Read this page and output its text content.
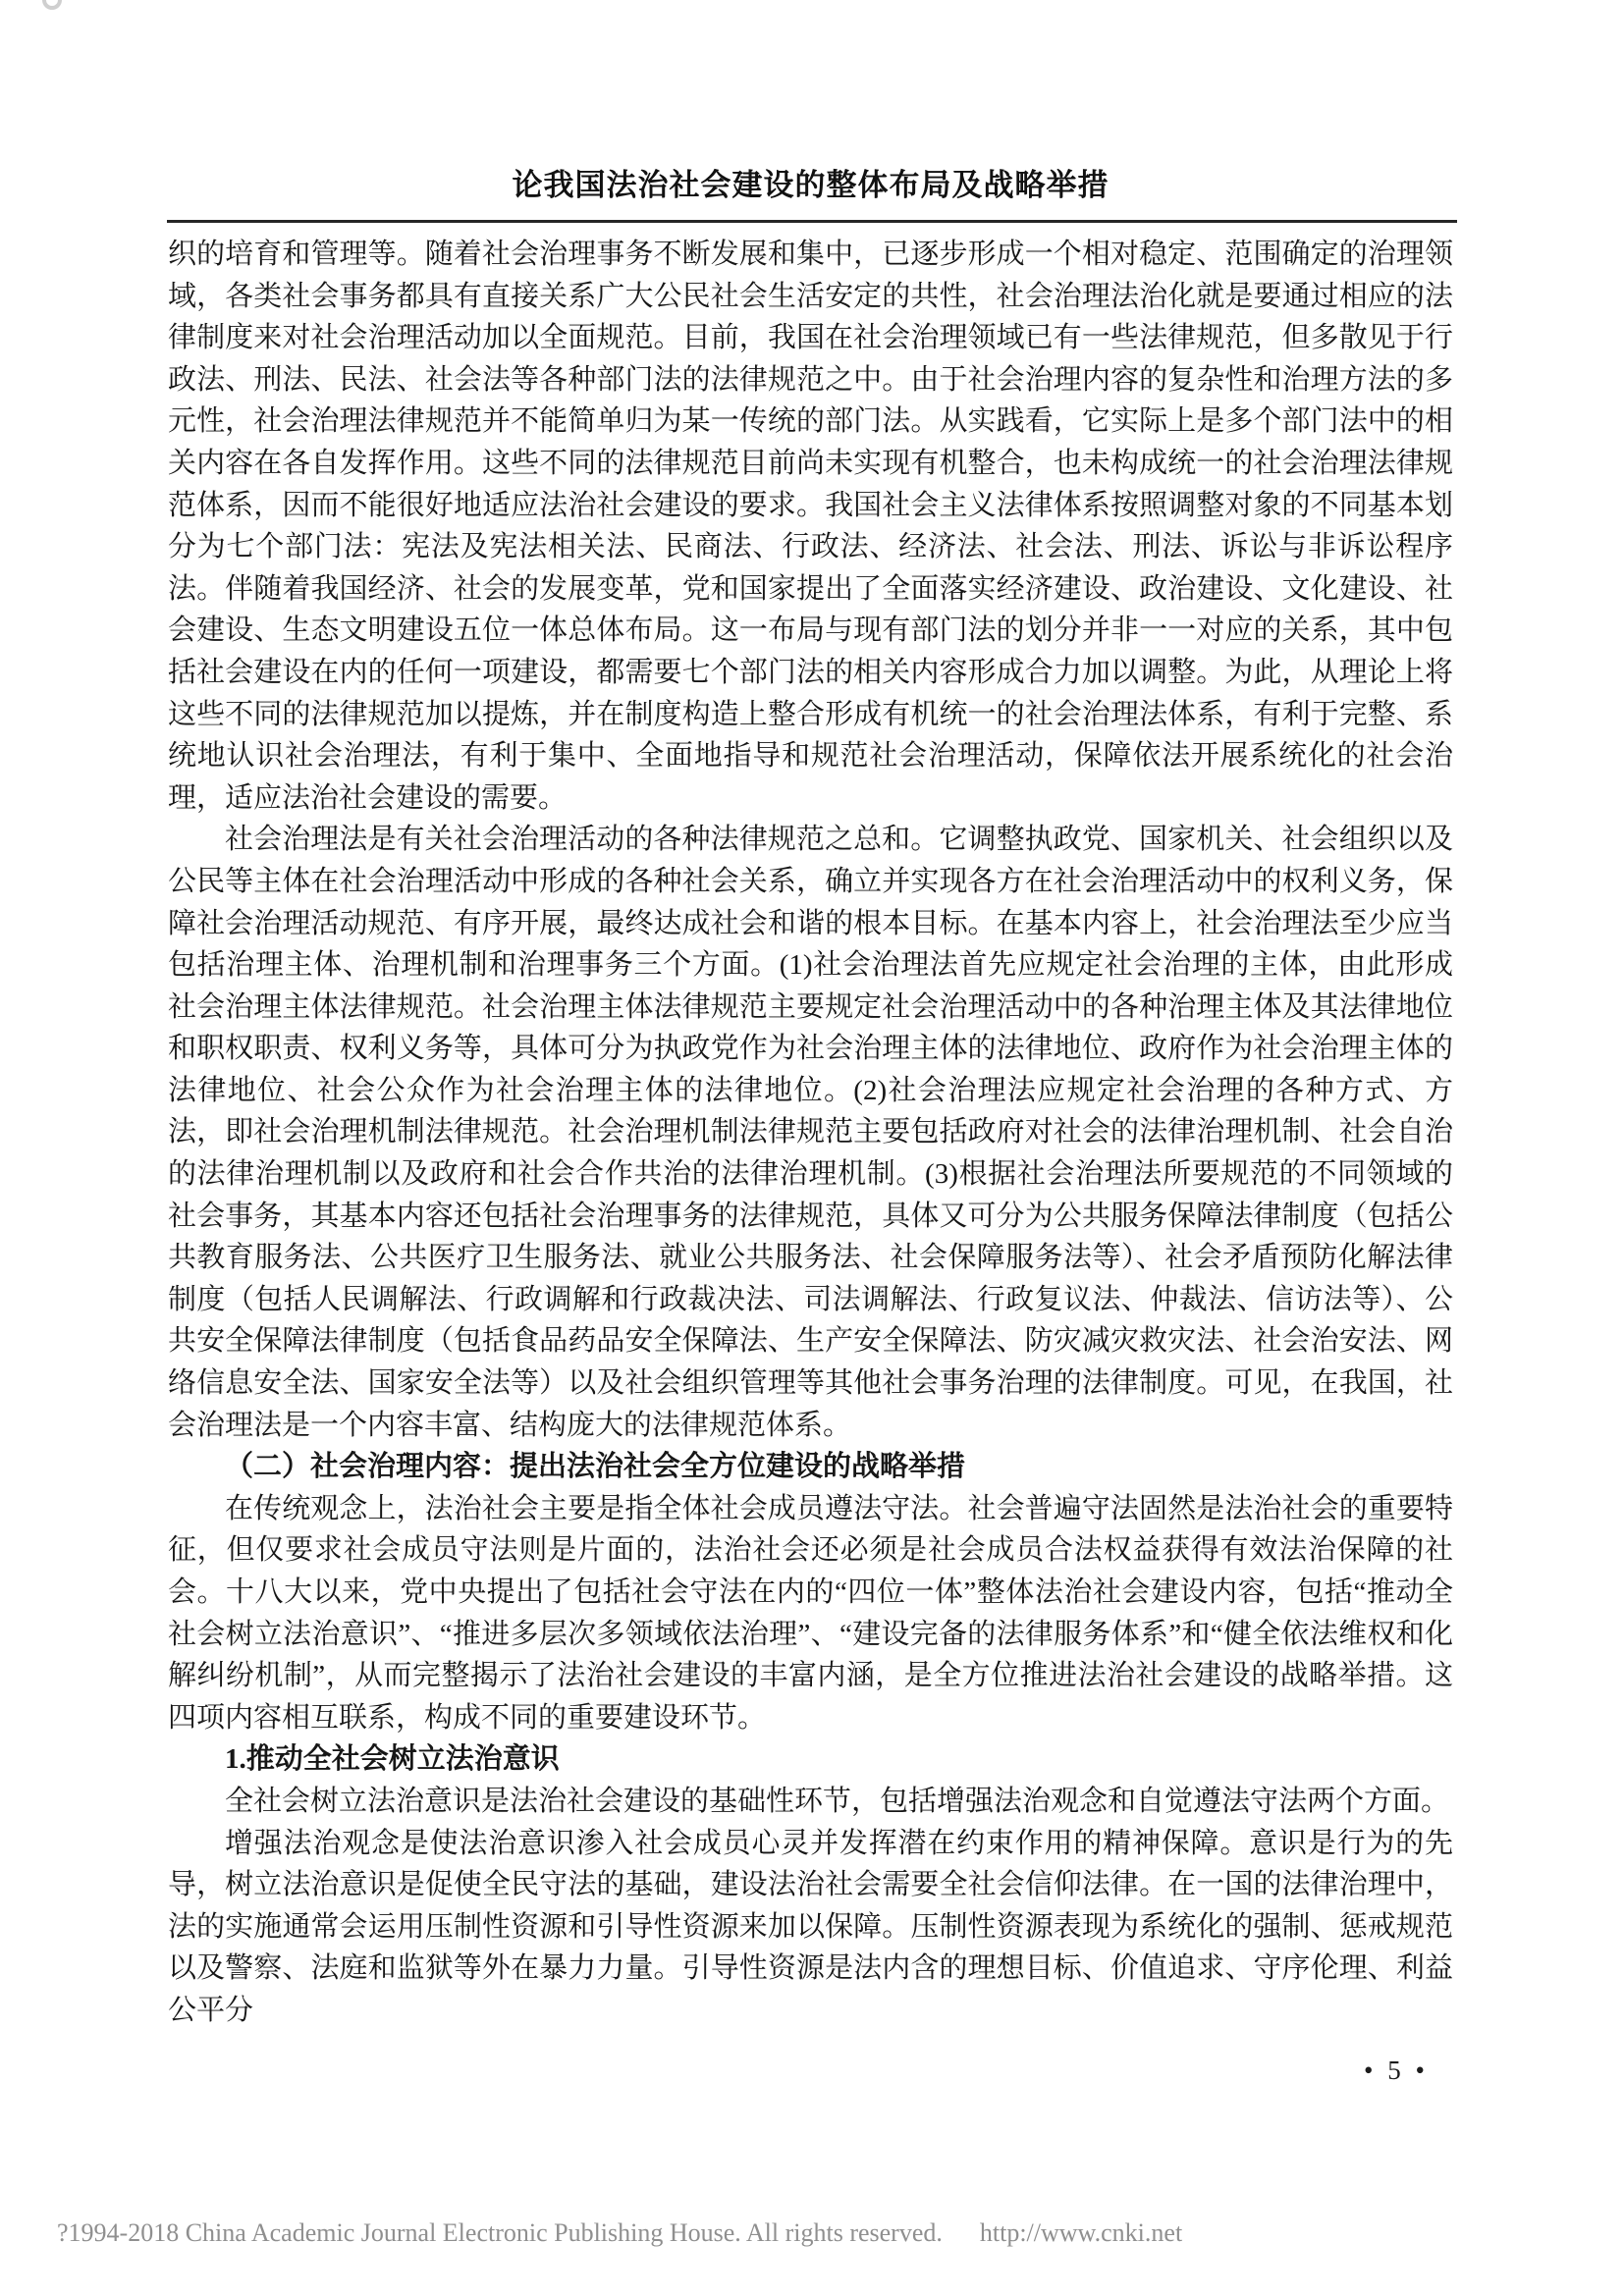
论我国法治社会建设的整体布局及战略举措

织的培育和管理等。随着社会治理事务不断发展和集中，已逐步形成一个相对稳定、范围确定的治理领域，各类社会事务都具有直接关系广大公民社会生活安定的共性，社会治理法治化就是要通过相应的法律制度来对社会治理活动加以全面规范。目前，我国在社会治理领域已有一些法律规范，但多散见于行政法、刑法、民法、社会法等各种部门法的法律规范之中。由于社会治理内容的复杂性和治理方法的多元性，社会治理法律规范并不能简单归为某一传统的部门法。从实践看，它实际上是多个部门法中的相关内容在各自发挥作用。这些不同的法律规范目前尚未实现有机整合，也未构成统一的社会治理法律规范体系，因而不能很好地适应法治社会建设的要求。我国社会主义法律体系按照调整对象的不同基本划分为七个部门法：宪法及宪法相关法、民商法、行政法、经济法、社会法、刑法、诉讼与非诉讼程序法。伴随着我国经济、社会的发展变革，党和国家提出了全面落实经济建设、政治建设、文化建设、社会建设、生态文明建设五位一体总体布局。这一布局与现有部门法的划分并非一一对应的关系，其中包括社会建设在内的任何一项建设，都需要七个部门法的相关内容形成合力加以调整。为此，从理论上将这些不同的法律规范加以提炼，并在制度构造上整合形成有机统一的社会治理法体系，有利于完整、系统地认识社会治理法，有利于集中、全面地指导和规范社会治理活动，保障依法开展系统化的社会治理，适应法治社会建设的需要。

社会治理法是有关社会治理活动的各种法律规范之总和。它调整执政党、国家机关、社会组织以及公民等主体在社会治理活动中形成的各种社会关系，确立并实现各方在社会治理活动中的权利义务，保障社会治理活动规范、有序开展，最终达成社会和谐的根本目标。在基本内容上，社会治理法至少应当包括治理主体、治理机制和治理事务三个方面。(1)社会治理法首先应规定社会治理的主体，由此形成社会治理主体法律规范。社会治理主体法律规范主要规定社会治理活动中的各种治理主体及其法律地位和职权职责、权利义务等，具体可分为执政党作为社会治理主体的法律地位、政府作为社会治理主体的法律地位、社会公众作为社会治理主体的法律地位。(2)社会治理法应规定社会治理的各种方式、方法，即社会治理机制法律规范。社会治理机制法律规范主要包括政府对社会的法律治理机制、社会自治的法律治理机制以及政府和社会合作共治的法律治理机制。(3)根据社会治理法所要规范的不同领域的社会事务，其基本内容还包括社会治理事务的法律规范，具体又可分为公共服务保障法律制度（包括公共教育服务法、公共医疗卫生服务法、就业公共服务法、社会保障服务法等）、社会矛盾预防化解法律制度（包括人民调解法、行政调解和行政裁决法、司法调解法、行政复议法、仲裁法、信访法等）、公共安全保障法律制度（包括食品药品安全保障法、生产安全保障法、防灾减灾救灾法、社会治安法、网络信息安全法、国家安全法等）以及社会组织管理等其他社会事务治理的法律制度。可见，在我国，社会治理法是一个内容丰富、结构庞大的法律规范体系。

（二）社会治理内容：提出法治社会全方位建设的战略举措

在传统观念上，法治社会主要是指全体社会成员遵法守法。社会普遍守法固然是法治社会的重要特征，但仅要求社会成员守法则是片面的，法治社会还必须是社会成员合法权益获得有效法治保障的社会。十八大以来，党中央提出了包括社会守法在内的“四位一体”整体法治社会建设内容，包括“推动全社会树立法治意识”、“推进多层次多领域依法治理”、“建设完备的法律服务体系”和“健全依法维权和化解纠纷机制”，从而完整揭示了法治社会建设的丰富内涵，是全方位推进法治社会建设的战略举措。这四项内容相互联系，构成不同的重要建设环节。

1.推动全社会树立法治意识

全社会树立法治意识是法治社会建设的基础性环节，包括增强法治观念和自觉遵法守法两个方面。

增强法治观念是使法治意识渗入社会成员心灵并发挥潜在约束作用的精神保障。意识是行为的先导，树立法治意识是促使全民守法的基础，建设法治社会需要全社会信仰法律。在一国的法律治理中，法的实施通常会运用压制性资源和引导性资源来加以保障。压制性资源表现为系统化的强制、惩戒规范以及警察、法庭和监狱等外在暴力力量。引导性资源是法内含的理想目标、价值追求、守序伦理、利益公平分

• 5 •
?1994-2018 China Academic Journal Electronic Publishing House. All rights reserved. http://www.cnki.net
